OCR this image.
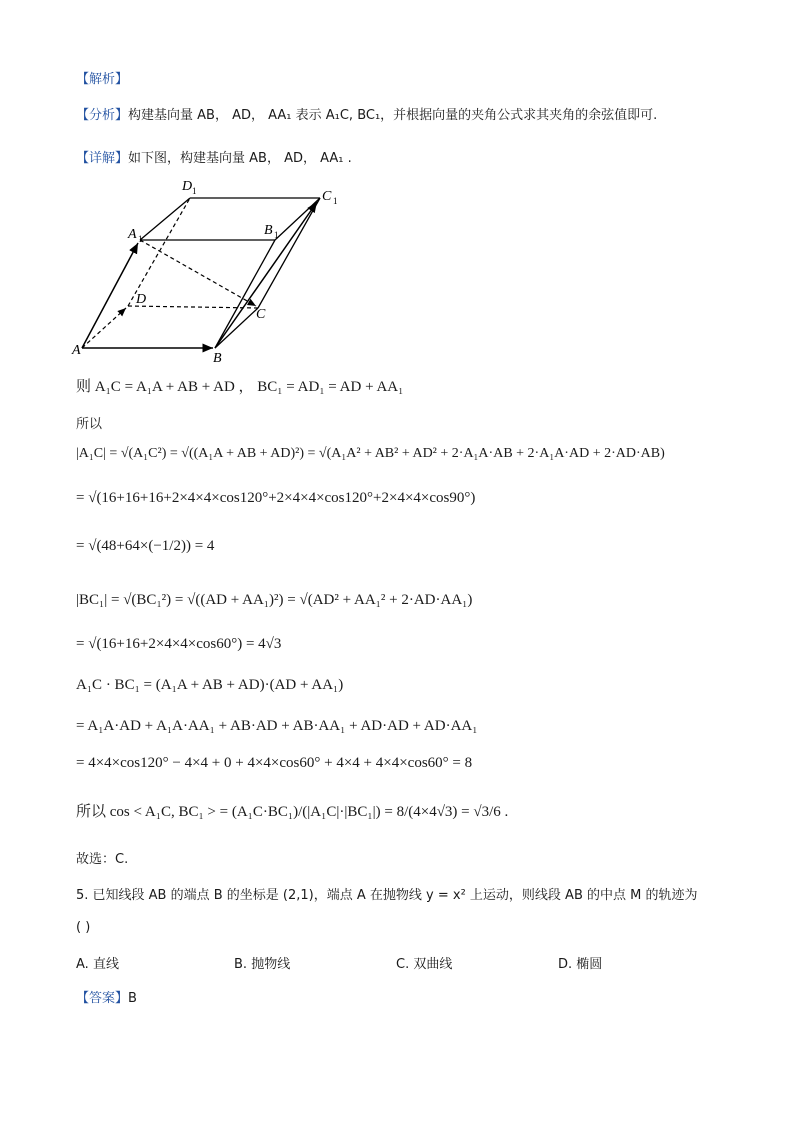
【解析】
【分析】构建基向量 AB， AD， AA₁ 表示 A₁C, BC₁，并根据向量的夹角公式求其夹角的余弦值即可.
【详解】如下图，构建基向量 AB， AD， AA₁ .
A
B
C
D
A 1
B 1
C 1
D 1
则 A₁C = A₁A + AB + AD ， BC₁ = AD₁ = AD + AA₁
所以
|A₁C| = √(A₁C²) = √((A₁A + AB + AD)²) = √(A₁A² + AB² + AD² + 2·A₁A·AB + 2·A₁A·AD + 2·AD·AB)
= √(16+16+16+2×4×4×cos120°+2×4×4×cos120°+2×4×4×cos90°)
= √(48+64×(−1/2)) = 4
|BC₁| = √(BC₁²) = √((AD + AA₁)²) = √(AD² + AA₁² + 2·AD·AA₁)
= √(16+16+2×4×4×cos60°) = 4√3
A₁C · BC₁ = (A₁A + AB + AD)·(AD + AA₁)
= A₁A·AD + A₁A·AA₁ + AB·AD + AB·AA₁ + AD·AD + AD·AA₁
= 4×4×cos120° − 4×4 + 0 + 4×4×cos60° + 4×4 + 4×4×cos60° = 8
所以 cos < A₁C, BC₁ > = (A₁C·BC₁)/(|A₁C|·|BC₁|) = 8/(4×4√3) = √3/6 .
故选：C.
5. 已知线段 AB 的端点 B 的坐标是 (2,1)，端点 A 在抛物线 y = x² 上运动，则线段 AB 的中点 M 的轨迹为
( )
A. 直线	B. 抛物线	C. 双曲线	D. 椭圆
【答案】B
